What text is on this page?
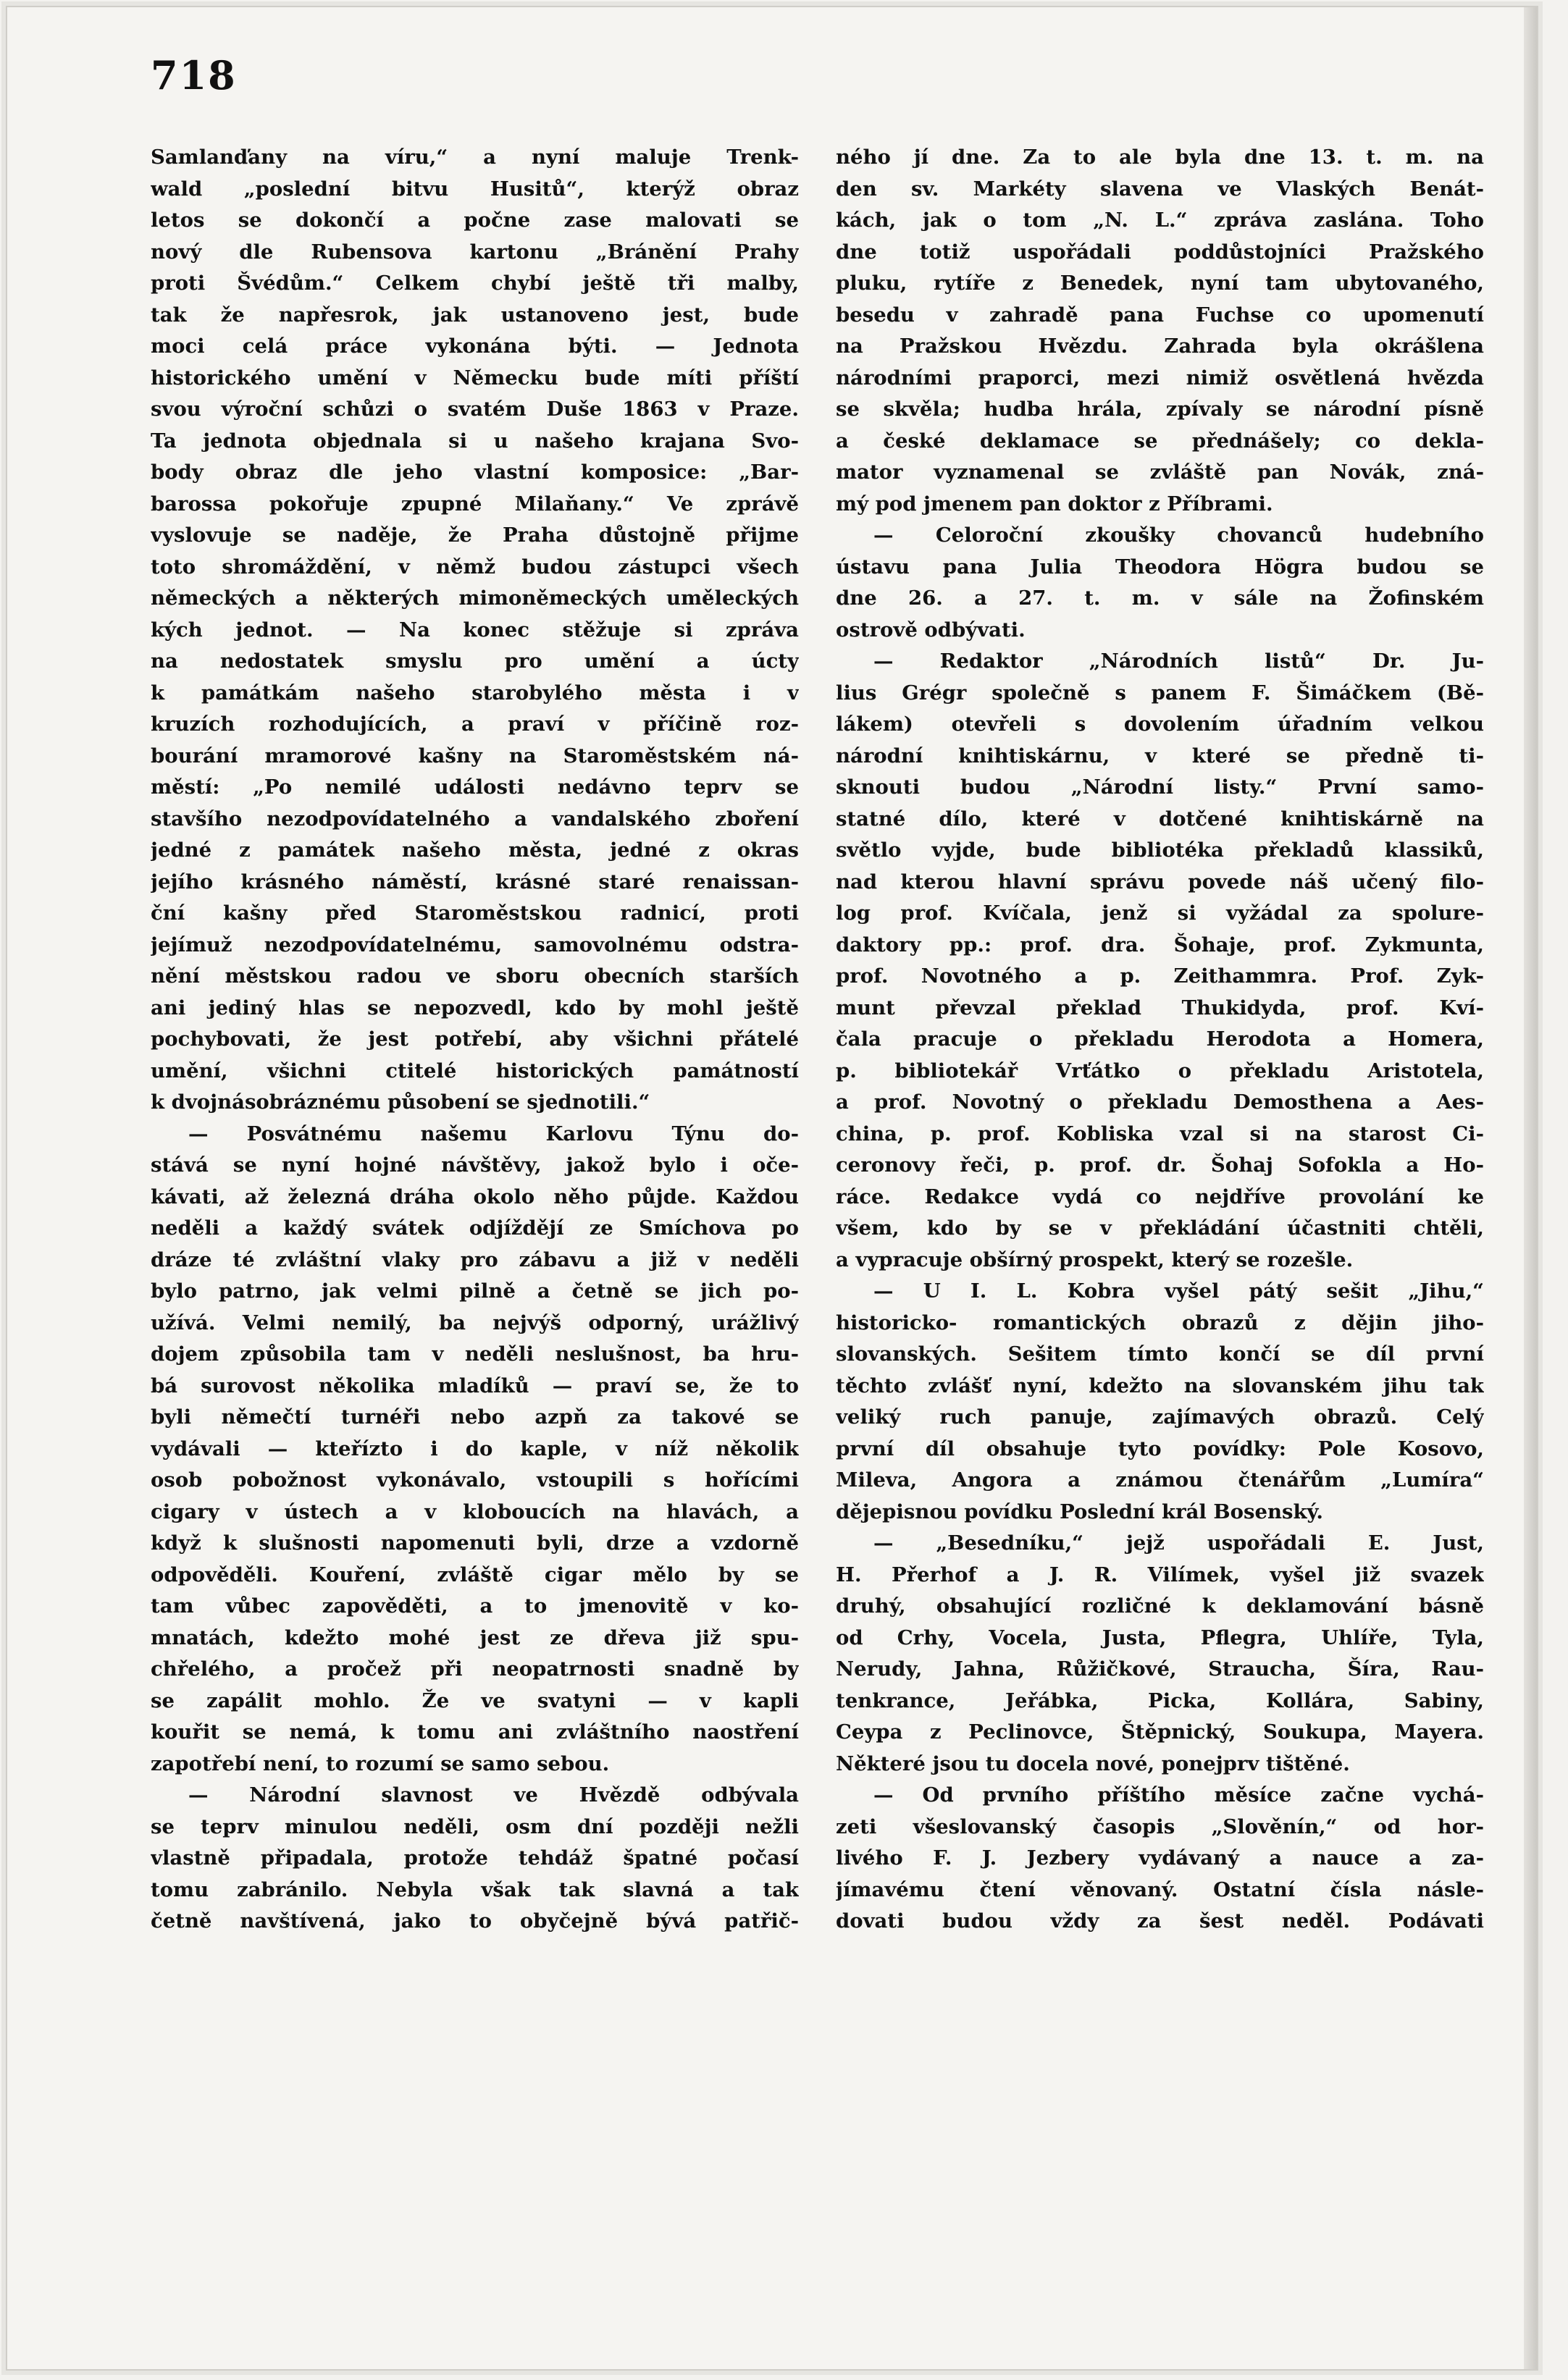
718
Samlanďany na víru,“ a nyní maluje Trenk-
wald „poslední bitvu Husitů“, kterýž obraz
letos se dokončí a počne zase malovati se
nový dle Rubensova kartonu „Bránění Prahy
proti Švédům.“ Celkem chybí ještě tři malby,
tak že napřesrok, jak ustanoveno jest, bude
moci celá práce vykonána býti. — Jednota
historického umění v Německu bude míti příští
svou výroční schůzi o svatém Duše 1863 v Praze.
Ta jednota objednala si u našeho krajana Svo-
body obraz dle jeho vlastní komposice: „Bar-
barossa pokořuje zpupné Milaňany.“ Ve zprávě
vyslovuje se naděje, že Praha důstojně přijme
toto shromáždění, v němž budou zástupci všech
německých a některých mimoněmeckých uměleckých
kých jednot. — Na konec stěžuje si zpráva
na nedostatek smyslu pro umění a úcty
k památkám našeho starobylého města i v
kruzích rozhodujících, a praví v příčině roz-
bourání mramorové kašny na Staroměstském ná-
městí: „Po nemilé události nedávno teprv se
stavšího nezodpovídatelného a vandalského zboření
jedné z památek našeho města, jedné z okras
jejího krásného náměstí, krásné staré renaissan-
ční kašny před Staroměstskou radnicí, proti
jejímuž nezodpovídatelnému, samovolnému odstra-
nění městskou radou ve sboru obecních starších
ani jediný hlas se nepozvedl, kdo by mohl ještě
pochybovati, že jest potřebí, aby všichni přátelé
umění, všichni ctitelé historických památností
k dvojnásobráznému působení se sjednotili.“
— Posvátnému našemu Karlovu Týnu do-
stává se nyní hojné návštěvy, jakož bylo i oče-
kávati, až železná dráha okolo něho půjde. Každou
neděli a každý svátek odjíždějí ze Smíchova po
dráze té zvláštní vlaky pro zábavu a již v neděli
bylo patrno, jak velmi pilně a četně se jich po-
užívá. Velmi nemilý, ba nejvýš odporný, urážlivý
dojem způsobila tam v neděli neslušnost, ba hru-
bá surovost několika mladíků — praví se, že to
byli němečtí turnéři nebo azpň za takové se
vydávali — kteřízto i do kaple, v níž několik
osob pobožnost vykonávalo, vstoupili s hořícími
cigary v ústech a v kloboucích na hlavách, a
když k slušnosti napomenuti byli, drze a vzdorně
odpověděli. Kouření, zvláště cigar mělo by se
tam vůbec zapověděti, a to jmenovitě v ko-
mnatách, kdežto mohé jest ze dřeva již spu-
chřelého, a pročež při neopatrnosti snadně by
se zapálit mohlo. Že ve svatyni — v kapli
kouřit se nemá, k tomu ani zvláštního naostření
zapotřebí není, to rozumí se samo sebou.
— Národní slavnost ve Hvězdě odbývala
se teprv minulou neděli, osm dní později nežli
vlastně připadala, protože tehdáž špatné počasí
tomu zabránilo. Nebyla však tak slavná a tak
četně navštívená, jako to obyčejně bývá patřič-
ného jí dne. Za to ale byla dne 13. t. m. na
den sv. Markéty slavena ve Vlaských Benát-
kách, jak o tom „N. L.“ zpráva zaslána. Toho
dne totiž uspořádali poddůstojníci Pražského
pluku, rytíře z Benedek, nyní tam ubytovaného,
besedu v zahradě pana Fuchse co upomenutí
na Pražskou Hvězdu. Zahrada byla okrášlena
národními praporci, mezi nimiž osvětlená hvězda
se skvěla; hudba hrála, zpívaly se národní písně
a české deklamace se přednášely; co dekla-
mator vyznamenal se zvláště pan Novák, zná-
mý pod jmenem pan doktor z Příbrami.
— Celoroční zkoušky chovanců hudebního
ústavu pana Julia Theodora Högra budou se
dne 26. a 27. t. m. v sále na Žofinském
ostrově odbývati.
— Redaktor „Národních listů“ Dr. Ju-
lius Grégr společně s panem F. Šimáčkem (Bě-
lákem) otevřeli s dovolením úřadním velkou
národní knihtiskárnu, v které se předně ti-
sknouti budou „Národní listy.“ První samo-
statné dílo, které v dotčené knihtiskárně na
světlo vyjde, bude bibliotéka překladů klassiků,
nad kterou hlavní správu povede náš učený filo-
log prof. Kvíčala, jenž si vyžádal za spolure-
daktory pp.: prof. dra. Šohaje, prof. Zykmunta,
prof. Novotného a p. Zeithammra. Prof. Zyk-
munt převzal překlad Thukidyda, prof. Kví-
čala pracuje o překladu Herodota a Homera,
p. bibliotekář Vrťátko o překladu Aristotela,
a prof. Novotný o překladu Demosthena a Aes-
china, p. prof. Kobliska vzal si na starost Ci-
ceronovy řeči, p. prof. dr. Šohaj Sofokla a Ho-
ráce. Redakce vydá co nejdříve provolání ke
všem, kdo by se v překládání účastniti chtěli,
a vypracuje obšírný prospekt, který se rozešle.
— U I. L. Kobra vyšel pátý sešit „Jihu,“
historicko- romantických obrazů z dějin jiho-
slovanských. Sešitem tímto končí se díl první
těchto zvlášť nyní, kdežto na slovanském jihu tak
veliký ruch panuje, zajímavých obrazů. Celý
první díl obsahuje tyto povídky: Pole Kosovo,
Mileva, Angora a známou čtenářům „Lumíra“
dějepisnou povídku Poslední král Bosenský.
— „Besedníku,“ jejž uspořádali E. Just,
H. Přerhof a J. R. Vilímek, vyšel již svazek
druhý, obsahující rozličné k deklamování básně
od Crhy, Vocela, Justa, Pflegra, Uhlíře, Tyla,
Nerudy, Jahna, Růžičkové, Straucha, Šíra, Rau-
tenkrance, Jeřábka, Picka, Kollára, Sabiny,
Ceypa z Peclinovce, Štěpnický, Soukupa, Mayera.
Některé jsou tu docela nové, ponejprv tištěné.
— Od prvního příštího měsíce začne vychá-
zeti všeslovanský časopis „Slověnín,“ od hor-
livého F. J. Jezbery vydávaný a nauce a za-
jímavému čtení věnovaný. Ostatní čísla násle-
dovati budou vždy za šest neděl. Podávati
